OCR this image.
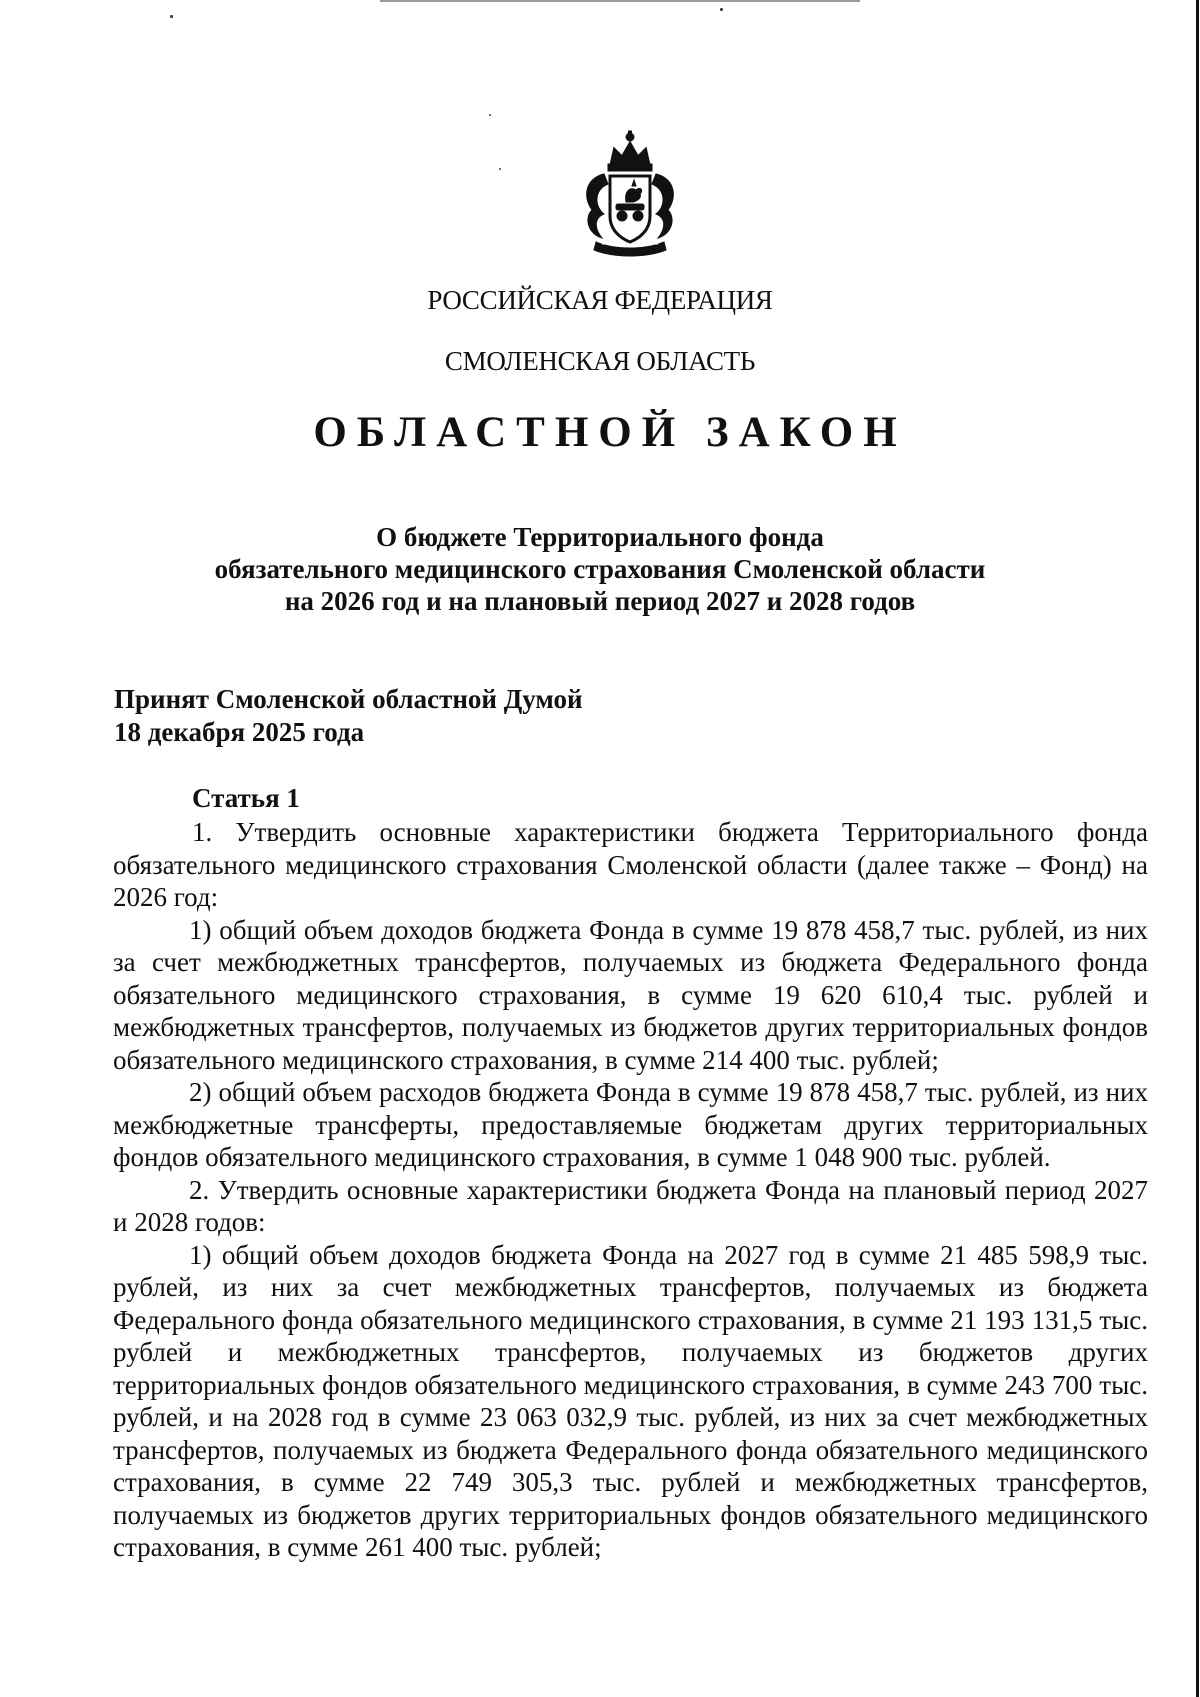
РОССИЙСКАЯ ФЕДЕРАЦИЯ
СМОЛЕНСКАЯ ОБЛАСТЬ
ОБЛАСТНОЙ ЗАКОН
О бюджете Территориального фонда
обязательного медицинского страхования Смоленской области
на 2026 год и на плановый период 2027 и 2028 годов
Принят Смоленской областной Думой
18 декабря 2025 года
Статья 1

1. Утвердить основные характеристики бюджета Территориального фонда обязательного медицинского страхования Смоленской области (далее также – Фонд) на 2026 год:

1) общий объем доходов бюджета Фонда в сумме 19 878 458,7 тыс. рублей, из них за счет межбюджетных трансфертов, получаемых из бюджета Федерального фонда обязательного медицинского страхования, в сумме 19 620 610,4 тыс. рублей и межбюджетных трансфертов, получаемых из бюджетов других территориальных фондов обязательного медицинского страхования, в сумме 214 400 тыс. рублей;

2) общий объем расходов бюджета Фонда в сумме 19 878 458,7 тыс. рублей, из них межбюджетные трансферты, предоставляемые бюджетам других территориальных фондов обязательного медицинского страхования, в сумме 1 048 900 тыс. рублей.

2. Утвердить основные характеристики бюджета Фонда на плановый период 2027 и 2028 годов:

1) общий объем доходов бюджета Фонда на 2027 год в сумме 21 485 598,9 тыс. рублей, из них за счет межбюджетных трансфертов, получаемых из бюджета Федерального фонда обязательного медицинского страхования, в сумме 21 193 131,5 тыс. рублей и межбюджетных трансфертов, получаемых из бюджетов других территориальных фондов обязательного медицинского страхования, в сумме 243 700 тыс. рублей, и на 2028 год в сумме 23 063 032,9 тыс. рублей, из них за счет межбюджетных трансфертов, получаемых из бюджета Федерального фонда обязательного медицинского страхования, в сумме 22 749 305,3 тыс. рублей и межбюджетных трансфертов, получаемых из бюджетов других территориальных фондов обязательного медицинского страхования, в сумме 261 400 тыс. рублей;
